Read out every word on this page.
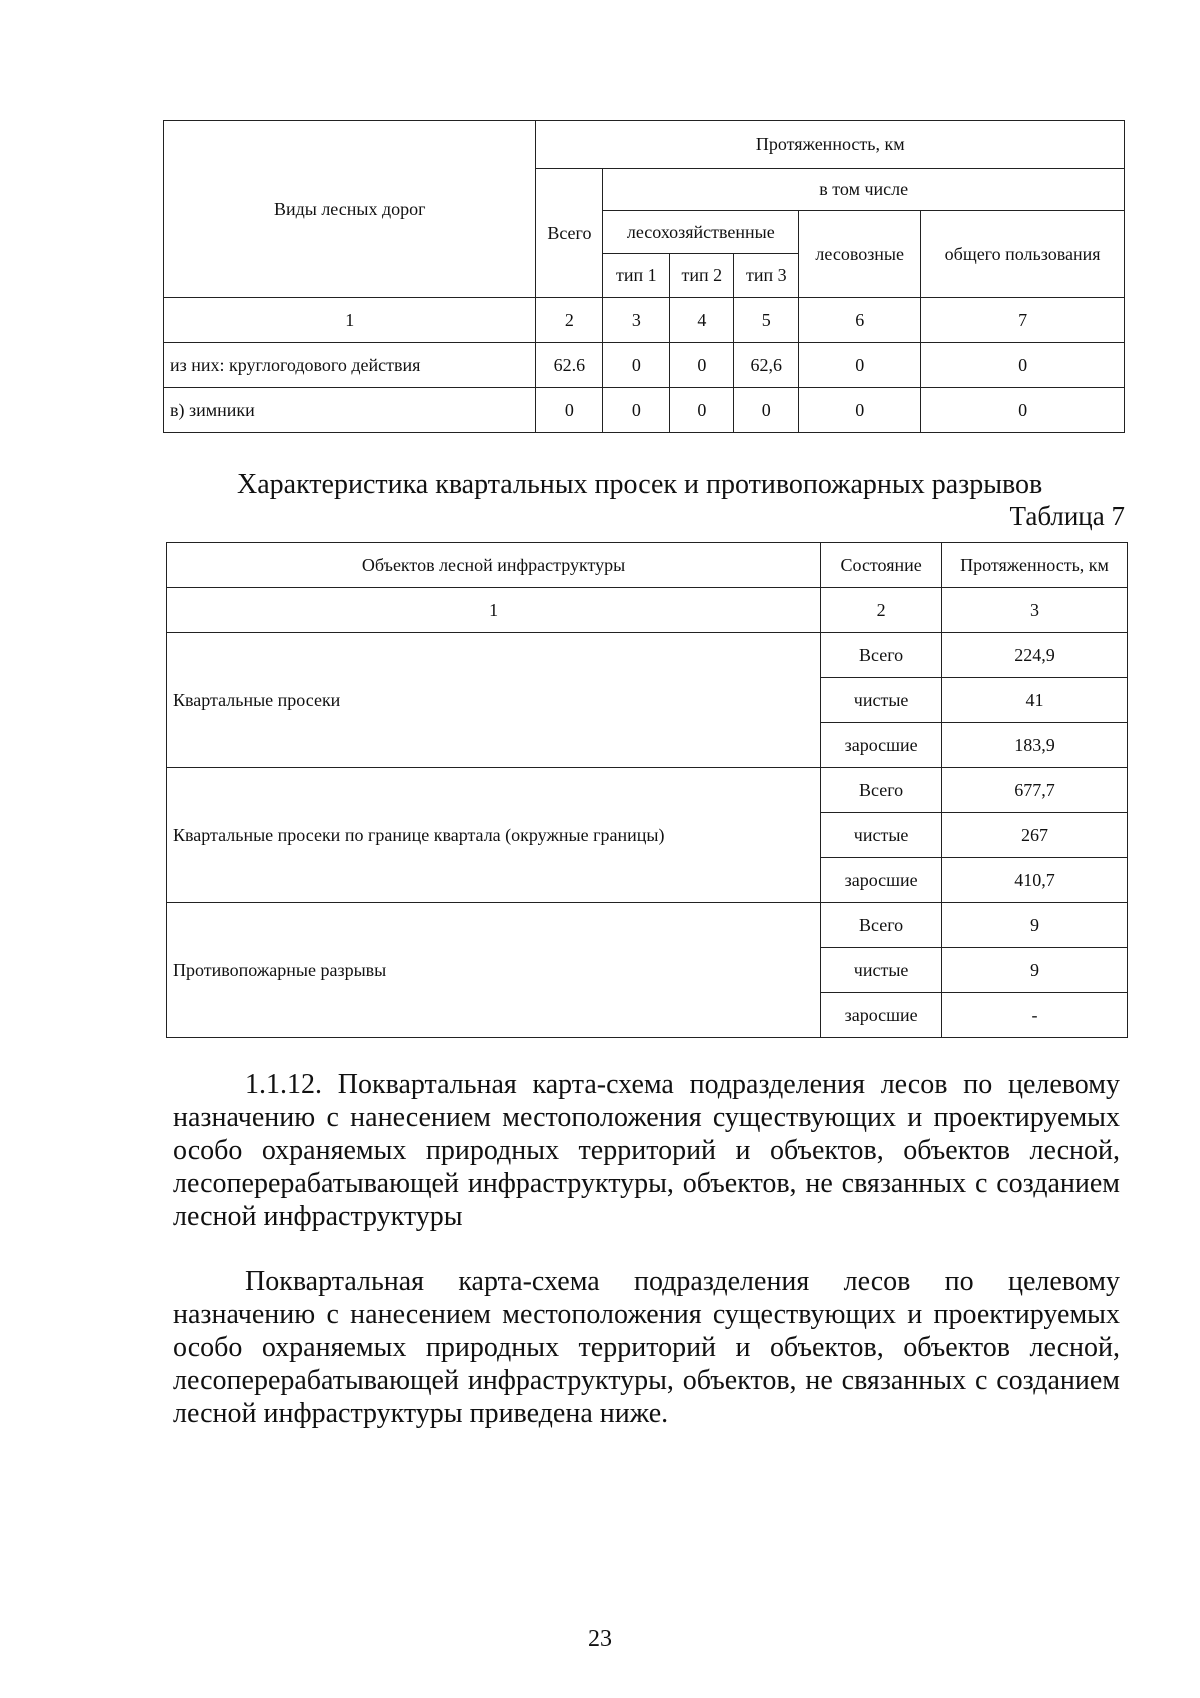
Виды лесных дорог	Протяженность, км					
	Всего	в том числе				
		лесохозяйственные			лесовозные	общего пользования
		тип 1	тип 2	тип 3		
1	2	3	4	5	6	7
из них: круглогодового действия	62.6	0	0	62,6	0	0
в) зимники	0	0	0	0	0	0

Характеристика квартальных просек и противопожарных разрывов

Таблица 7

Объектов лесной инфраструктуры	Состояние	Протяженность, км
1	2	3
Квартальные просеки	Всего	224,9
	чистые	41
	заросшие	183,9
Квартальные просеки по границе квартала (окружные границы)	Всего	677,7
	чистые	267
	заросшие	410,7
Противопожарные разрывы	Всего	9
	чистые	9
	заросшие	-

1.1.12. Поквартальная карта-схема подразделения лесов по целевому назначению с нанесением местоположения существующих и проектируемых особо охраняемых природных территорий и объектов, объектов лесной, лесоперерабатывающей инфраструктуры, объектов, не связанных с созданием лесной инфраструктуры

Поквартальная карта-схема подразделения лесов по целевому назначению с нанесением местоположения существующих и проектируемых особо охраняемых природных территорий и объектов, объектов лесной, лесоперерабатывающей инфраструктуры, объектов, не связанных с созданием лесной инфраструктуры приведена ниже.

23
